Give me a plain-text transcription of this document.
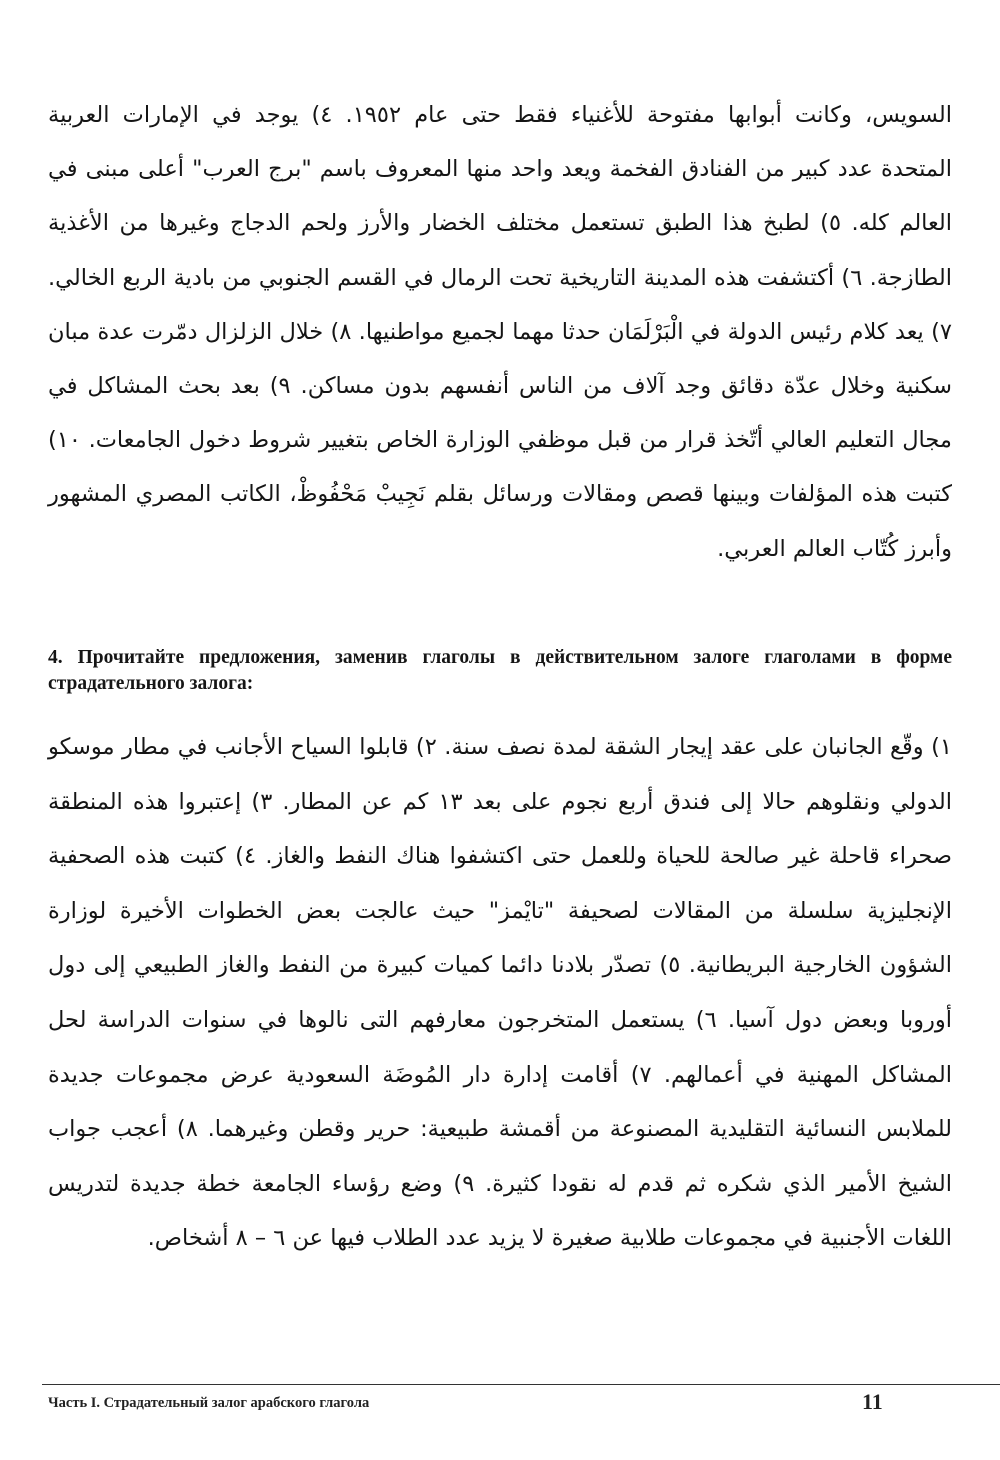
السويس، وكانت أبوابها مفتوحة للأغنياء فقط حتى عام ١٩٥٢. ٤) يوجد في الإمارات العربية المتحدة عدد كبير من الفنادق الفخمة ويعد واحد منها المعروف باسم "برج العرب" أعلى مبنى في العالم كله. ٥) لطبخ هذا الطبق تستعمل مختلف الخضار والأرز ولحم الدجاج وغيرها من الأغذية الطازجة. ٦) أكتشفت هذه المدينة التاريخية تحت الرمال في القسم الجنوبي من بادية الربع الخالي. ٧) يعد كلام رئيس الدولة في الْبَرْلَمَان حدثا مهما لجميع مواطنيها. ٨) خلال الزلزال دمّرت عدة مبان سكنية وخلال عدّة دقائق وجد آلاف من الناس أنفسهم بدون مساكن. ٩) بعد بحث المشاكل في مجال التعليم العالي أتّخذ قرار من قبل موظفي الوزارة الخاص بتغيير شروط دخول الجامعات. ١٠) كتبت هذه المؤلفات وبينها قصص ومقالات ورسائل بقلم نَجِيبْ مَحْفُوظْ، الكاتب المصري المشهور وأبرز كُتّاب العالم العربي.

4. Прочитайте предложения, заменив глаголы в действительном залоге глаголами в форме страдательного залога:

١) وقّع الجانبان على عقد إيجار الشقة لمدة نصف سنة. ٢) قابلوا السياح الأجانب في مطار موسكو الدولي ونقلوهم حالا إلى فندق أربع نجوم على بعد ١٣ كم عن المطار. ٣) إعتبروا هذه المنطقة صحراء قاحلة غير صالحة للحياة وللعمل حتى اكتشفوا هناك النفط والغاز. ٤) كتبت هذه الصحفية الإنجليزية سلسلة من المقالات لصحيفة "تايْمز" حيث عالجت بعض الخطوات الأخيرة لوزارة الشؤون الخارجية البريطانية. ٥) تصدّر بلادنا دائما كميات كبيرة من النفط والغاز الطبيعي إلى دول أوروبا وبعض دول آسيا. ٦) يستعمل المتخرجون معارفهم التى نالوها في سنوات الدراسة لحل المشاكل المهنية في أعمالهم. ٧) أقامت إدارة دار المُوضَة السعودية عرض مجموعات جديدة للملابس النسائية التقليدية المصنوعة من أقمشة طبيعية: حرير وقطن وغيرهما. ٨) أعجب جواب الشيخ الأمير الذي شكره ثم قدم له نقودا كثيرة. ٩) وضع رؤساء الجامعة خطة جديدة لتدريس اللغات الأجنبية في مجموعات طلابية صغيرة لا يزيد عدد الطلاب فيها عن ٦ – ٨ أشخاص.

Часть I. Страдательный залог арабского глагола	11
